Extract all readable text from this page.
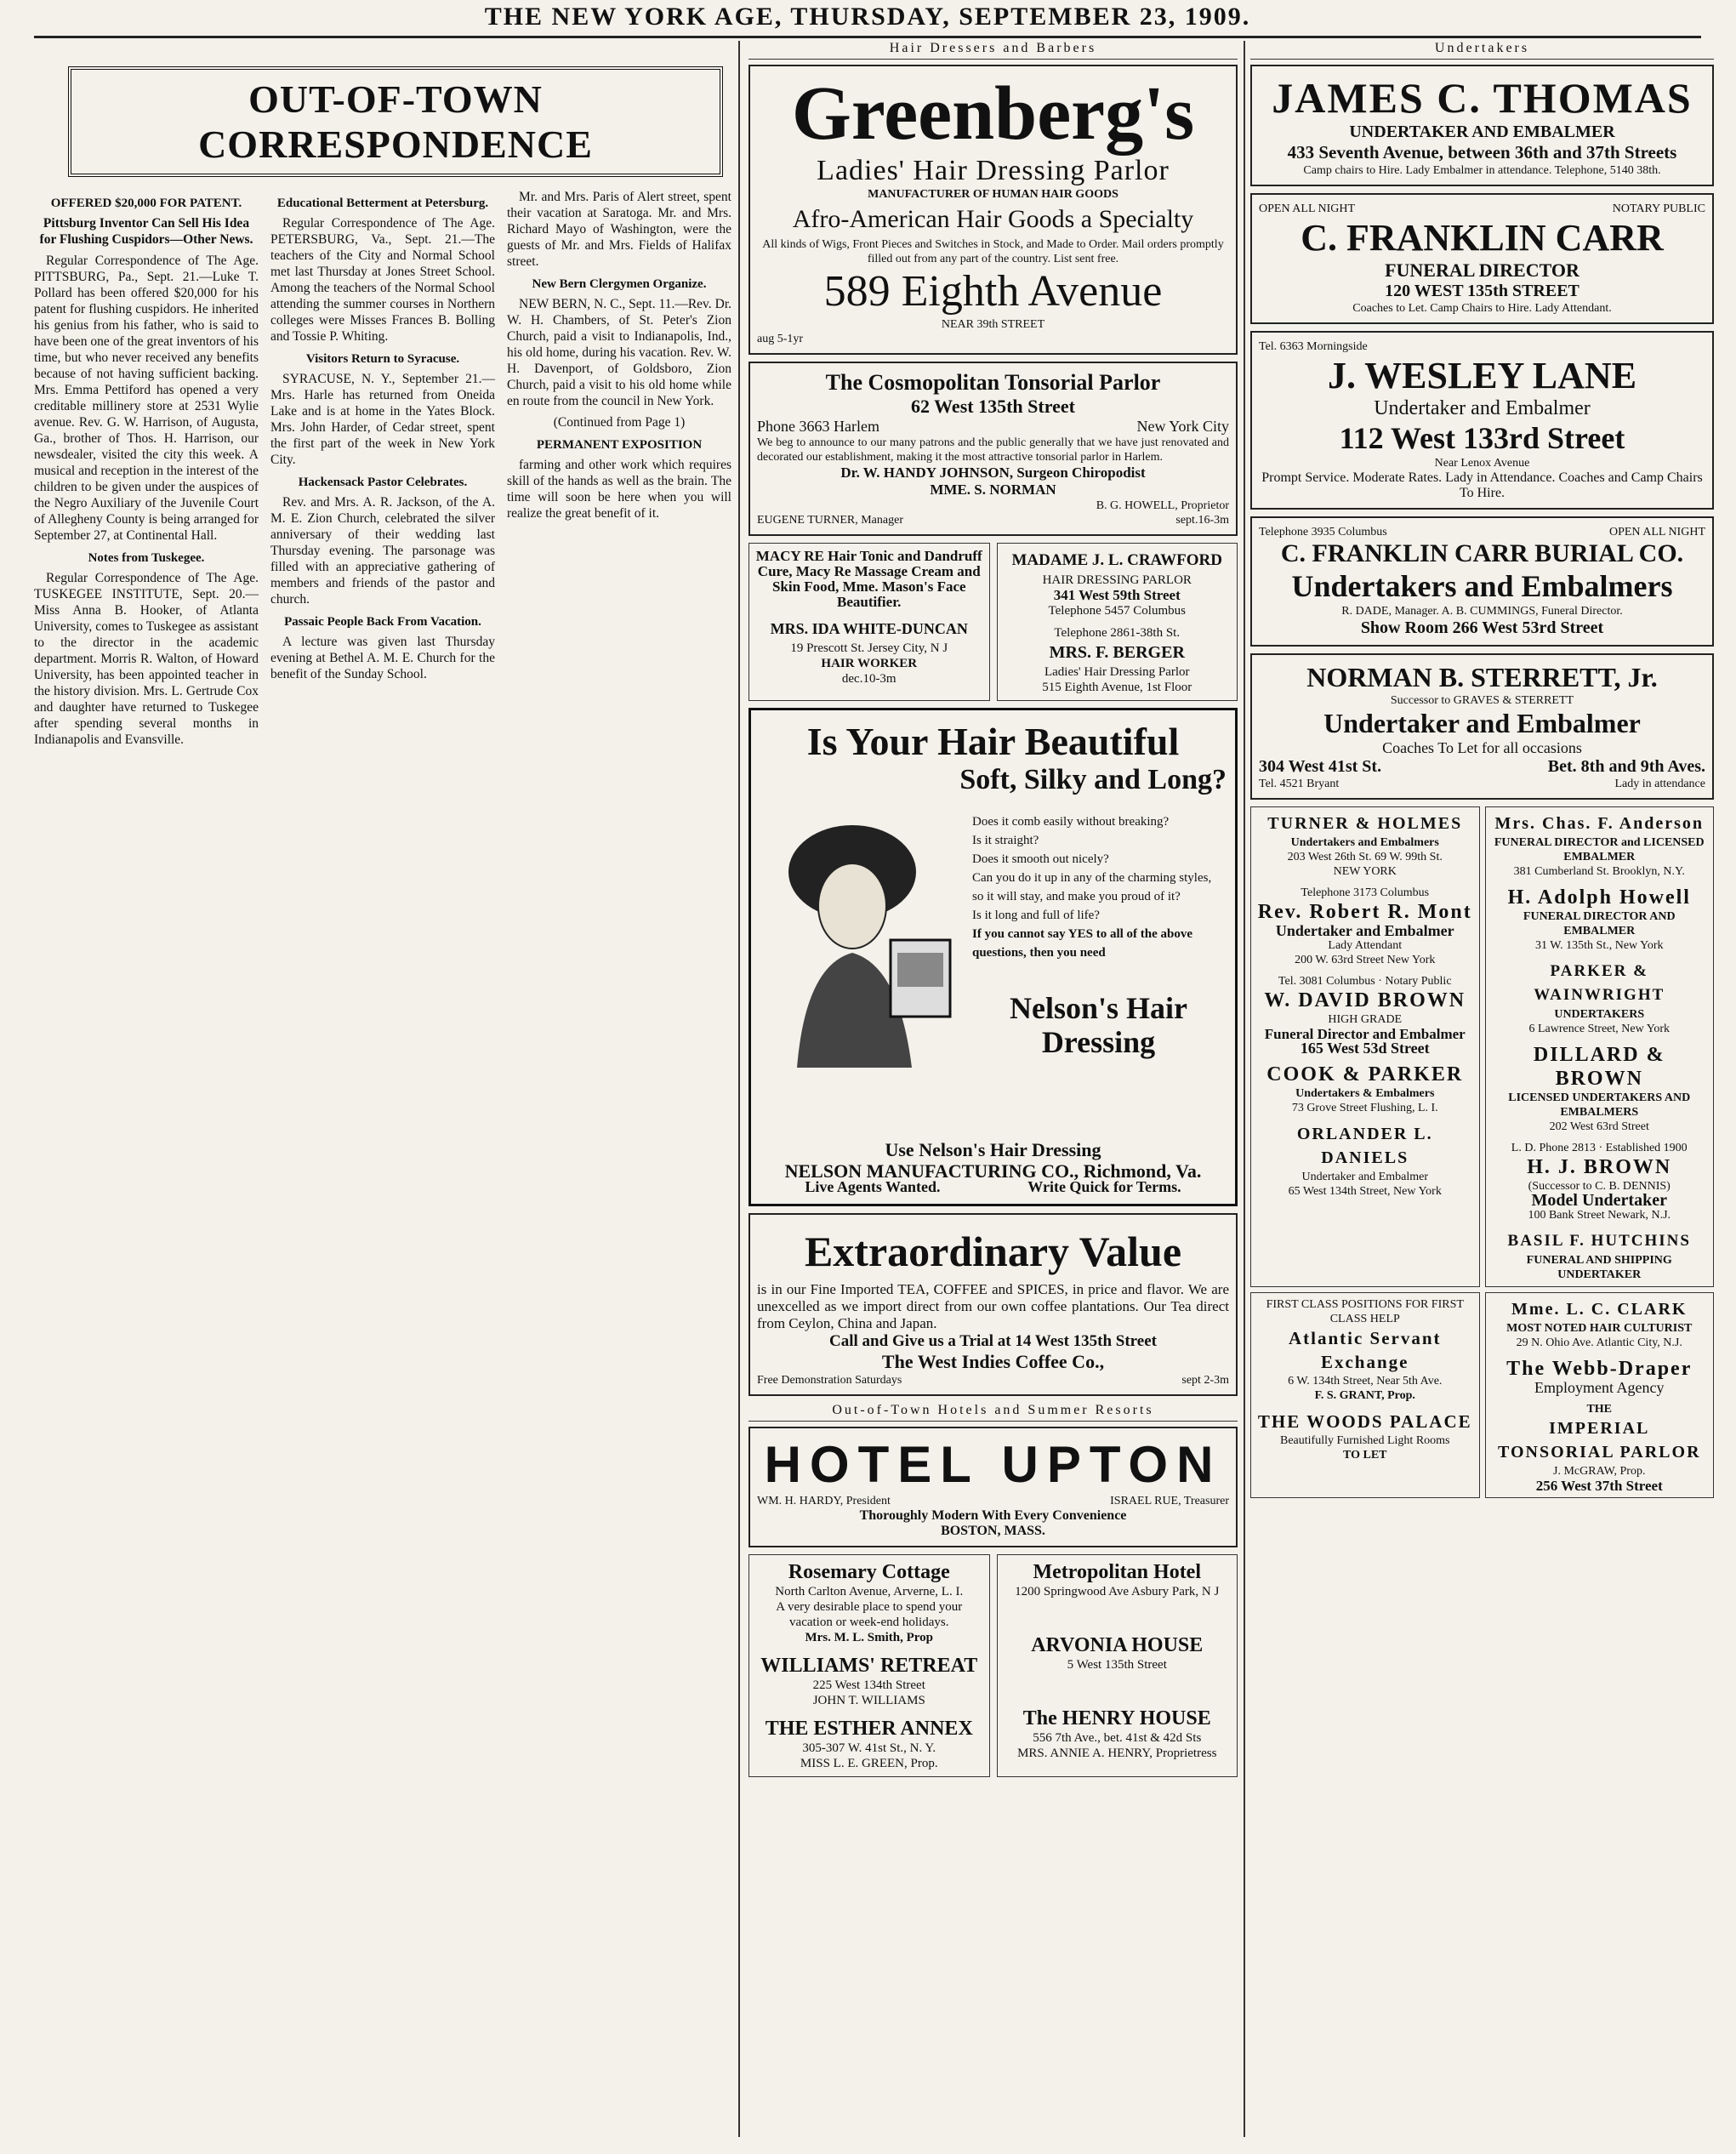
THE NEW YORK AGE, THURSDAY, SEPTEMBER 23, 1909.
OUT-OF-TOWN CORRESPONDENCE
OFFERED $20,000 FOR PATENT.

Pittsburg Inventor Can Sell His Idea for Flushing Cuspidors—Other News.

Regular Correspondence of The Age. PITTSBURG, Pa., Sept. 21.—Luke T. Pollard has been offered $20,000 for his patent for flushing cuspidors. He inherited his genius from his father, who is said to have been one of the great inventors of his time, but who never received any benefits because of not having sufficient backing. Mrs. Emma Pettiford has opened a very creditable millinery store at 2531 Wylie avenue. Rev. G. W. Harrison, of Augusta, Ga., brother of Thos. H. Harrison, our newsdealer, visited the city this week. A musical and reception in the interest of the children to be given under the auspices of the Negro Auxiliary of the Juvenile Court of Allegheny County is being arranged for September 27, at Continental Hall.

Notes from Tuskegee.

Regular Correspondence of The Age. TUSKEGEE INSTITUTE, Sept. 20.—Miss Anna B. Hooker, of Atlanta University, comes to Tuskegee as assistant to the director in the academic department. Morris R. Walton, of Howard University, has been appointed teacher in the history division. Mrs. L. Gertrude Cox and daughter have returned to Tuskegee after spending several months in Indianapolis and Evansville.

Educational Betterment at Petersburg.

Regular Correspondence of The Age. PETERSBURG, Va., Sept. 21.—The teachers of the City and Normal School met last Thursday at Jones Street School. Among the teachers of the Normal School attending the summer courses in Northern colleges were Misses Frances B. Bolling and Tossie P. Whiting.

Visitors Return to Syracuse.

SYRACUSE, N. Y., September 21.—Mrs. Harle has returned from Oneida Lake and is at home in the Yates Block. Mrs. John Harder, of Cedar street, spent the first part of the week in New York City.

Hackensack Pastor Celebrates.

Rev. and Mrs. A. R. Jackson, of the A. M. E. Zion Church, celebrated the silver anniversary of their wedding last Thursday evening. The parsonage was filled with an appreciative gathering of members and friends of the pastor and church.

Passaic People Back From Vacation.

A lecture was given last Thursday evening at Bethel A. M. E. Church for the benefit of the Sunday School.

Mr. and Mrs. Paris of Alert street, spent their vacation at Saratoga. Mr. and Mrs. Richard Mayo of Washington, were the guests of Mr. and Mrs. Fields of Halifax street.

New Bern Clergymen Organize.

NEW BERN, N. C., Sept. 11.—Rev. Dr. W. H. Chambers, of St. Peter's Zion Church, paid a visit to Indianapolis, Ind., his old home, during his vacation. Rev. W. H. Davenport, of Goldsboro, Zion Church, paid a visit to his old home while en route from the council in New York.

(Continued from Page 1)

PERMANENT EXPOSITION

farming and other work which requires skill of the hands as well as the brain. The time will soon be here when you will realize the great benefit of it.

Hair Dressers and Barbers
Greenberg's
Ladies' Hair Dressing Parlor
MANUFACTURER OF HUMAN HAIR GOODS
Afro-American Hair Goods a Specialty
All kinds of Wigs, Front Pieces and Switches in Stock, and Made to Order. Mail orders promptly filled out from any part of the country. List sent free.
589 Eighth Avenue
NEAR 39th STREET
aug 5-1yr
The Cosmopolitan Tonsorial Parlor
62 West 135th Street
Phone 3663 Harlem	New York City
We beg to announce to our many patrons and the public generally that we have just renovated and decorated our establishment, making it the most attractive tonsorial parlor in Harlem.
Dr. W. HANDY JOHNSON, Surgeon Chiropodist
MME. S. NORMAN
B. G. HOWELL, Proprietor
EUGENE TURNER, Manager	sept.16-3m
MACY RE Hair Tonic and Dandruff Cure, Macy Re Massage Cream and Skin Food, Mme. Mason's Face Beautifier.
MRS. IDA WHITE-DUNCAN
19 Prescott St. Jersey City, N J
HAIR WORKER
dec.10-3m
MADAME J. L. CRAWFORD
HAIR DRESSING PARLOR
341 West 59th Street
Telephone 5457 Columbus
Telephone 2861-38th St.
MRS. F. BERGER
Ladies' Hair Dressing Parlor
515 Eighth Avenue, 1st Floor
Is Your Hair Beautiful
Soft, Silky and Long?
Does it comb easily without breaking?
Is it straight?
Does it smooth out nicely?
Can you do it up in any of the charming styles, so it will stay, and make you proud of it?
Is it long and full of life?
If you cannot say YES to all of the above questions, then you need
Nelson's Hair Dressing
Use Nelson's Hair Dressing
NELSON MANUFACTURING CO., Richmond, Va.
Live Agents Wanted.	Write Quick for Terms.
Extraordinary Value
is in our Fine Imported TEA, COFFEE and SPICES, in price and flavor. We are unexcelled as we import direct from our own coffee plantations. Our Tea direct from Ceylon, China and Japan.
Call and Give us a Trial at 14 West 135th Street
The West Indies Coffee Co.,
Free Demonstration Saturdays	sept 2-3m
Out-of-Town Hotels and Summer Resorts
HOTEL UPTON
WM. H. HARDY, President	ISRAEL RUE, Treasurer
Thoroughly Modern With Every Convenience
BOSTON, MASS.
Rosemary Cottage
North Carlton Avenue, Arverne, L. I.
A very desirable place to spend your vacation or week-end holidays.
Mrs. M. L. Smith, Prop
WILLIAMS' RETREAT
225 West 134th Street
JOHN T. WILLIAMS
THE ESTHER ANNEX
305-307 W. 41st St., N. Y.
MISS L. E. GREEN, Prop.
Metropolitan Hotel
1200 Springwood Ave Asbury Park, N J
ARVONIA HOUSE
5 West 135th Street
The HENRY HOUSE
556 7th Ave., bet. 41st & 42d Sts
MRS. ANNIE A. HENRY, Proprietress
Undertakers
JAMES C. THOMAS
UNDERTAKER AND EMBALMER
433 Seventh Avenue, between 36th and 37th Streets
Camp chairs to Hire. Lady Embalmer in attendance. Telephone, 5140 38th.
OPEN ALL NIGHT	NOTARY PUBLIC
C. FRANKLIN CARR
FUNERAL DIRECTOR
120 WEST 135th STREET
Coaches to Let. Camp Chairs to Hire. Lady Attendant.
Tel. 6363 Morningside
J. WESLEY LANE
Undertaker and Embalmer
112 West 133rd Street
Near Lenox Avenue
Prompt Service. Moderate Rates. Lady in Attendance. Coaches and Camp Chairs To Hire.
Telephone 3935 Columbus	OPEN ALL NIGHT
C. FRANKLIN CARR BURIAL CO.
Undertakers and Embalmers
R. DADE, Manager. A. B. CUMMINGS, Funeral Director.
Show Room 266 West 53rd Street
NORMAN B. STERRETT, Jr.
Successor to GRAVES & STERRETT
Undertaker and Embalmer
Coaches To Let for all occasions
304 West 41st St.	Bet. 8th and 9th Aves.
Tel. 4521 Bryant	Lady in attendance
TURNER & HOLMES
Undertakers and Embalmers
203 West 26th St. 69 W. 99th St.
NEW YORK
Telephone 3173 Columbus
Rev. Robert R. Mont
Undertaker and Embalmer
Lady Attendant
200 W. 63rd Street New York
Tel. 3081 Columbus · Notary Public
W. DAVID BROWN
HIGH GRADE
Funeral Director and Embalmer
165 West 53d Street
COOK & PARKER
Undertakers & Embalmers
73 Grove Street Flushing, L. I.
ORLANDER L. DANIELS
Undertaker and Embalmer
65 West 134th Street, New York
Mrs. Chas. F. Anderson
FUNERAL DIRECTOR and LICENSED EMBALMER
381 Cumberland St. Brooklyn, N.Y.
H. Adolph Howell
FUNERAL DIRECTOR AND EMBALMER
31 W. 135th St., New York
PARKER & WAINWRIGHT
UNDERTAKERS
6 Lawrence Street, New York
DILLARD & BROWN
LICENSED UNDERTAKERS AND EMBALMERS
202 West 63rd Street
L. D. Phone 2813 · Established 1900
H. J. BROWN
(Successor to C. B. DENNIS)
Model Undertaker
100 Bank Street Newark, N.J.
BASIL F. HUTCHINS
FUNERAL AND SHIPPING UNDERTAKER
FIRST CLASS POSITIONS FOR FIRST CLASS HELP
Atlantic Servant Exchange
6 W. 134th Street, Near 5th Ave.
F. S. GRANT, Prop.
THE WOODS PALACE
Beautifully Furnished Light Rooms
TO LET
Mme. L. C. CLARK
MOST NOTED HAIR CULTURIST
29 N. Ohio Ave. Atlantic City, N.J.
The Webb-Draper
Employment Agency
THE
IMPERIAL TONSORIAL PARLOR
J. McGRAW, Prop.
256 West 37th Street
